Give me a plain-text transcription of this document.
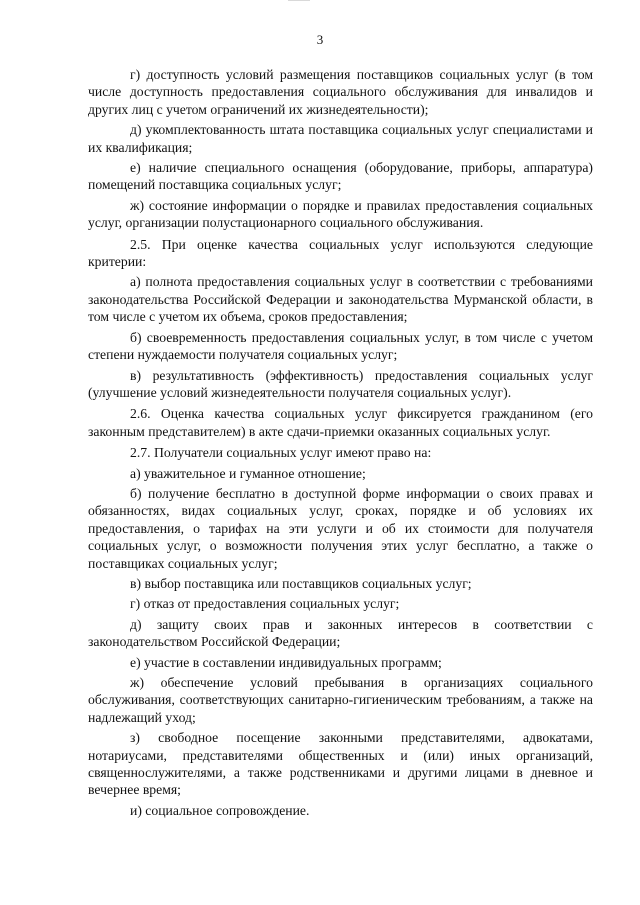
3

г) доступность условий размещения поставщиков социальных услуг (в том числе доступность предоставления социального обслуживания для инвалидов и других лиц с учетом ограничений их жизнедеятельности);

д) укомплектованность штата поставщика социальных услуг специалистами и их квалификация;

е) наличие специального оснащения (оборудование, приборы, аппаратура) помещений поставщика социальных услуг;

ж) состояние информации о порядке и правилах предоставления социальных услуг, организации полустационарного социального обслуживания.

2.5. При оценке качества социальных услуг используются следующие критерии:

а) полнота предоставления социальных услуг в соответствии с требованиями законодательства Российской Федерации и законодательства Мурманской области, в том числе с учетом их объема, сроков предоставления;

б) своевременность предоставления социальных услуг, в том числе с учетом степени нуждаемости получателя социальных услуг;

в) результативность (эффективность) предоставления социальных услуг (улучшение условий жизнедеятельности получателя социальных услуг).

2.6. Оценка качества социальных услуг фиксируется гражданином (его законным представителем) в акте сдачи-приемки оказанных социальных услуг.

2.7. Получатели социальных услуг имеют право на:

а) уважительное и гуманное отношение;

б) получение бесплатно в доступной форме информации о своих правах и обязанностях, видах социальных услуг, сроках, порядке и об условиях их предоставления, о тарифах на эти услуги и об их стоимости для получателя социальных услуг, о возможности получения этих услуг бесплатно, а также о поставщиках социальных услуг;

в) выбор поставщика или поставщиков социальных услуг;

г) отказ от предоставления социальных услуг;

д) защиту своих прав и законных интересов в соответствии с законодательством Российской Федерации;

е) участие в составлении индивидуальных программ;

ж) обеспечение условий пребывания в организациях социального обслуживания, соответствующих санитарно-гигиеническим требованиям, а также на надлежащий уход;

з) свободное посещение законными представителями, адвокатами, нотариусами, представителями общественных и (или) иных организаций, священнослужителями, а также родственниками и другими лицами в дневное и вечернее время;

и) социальное сопровождение.
